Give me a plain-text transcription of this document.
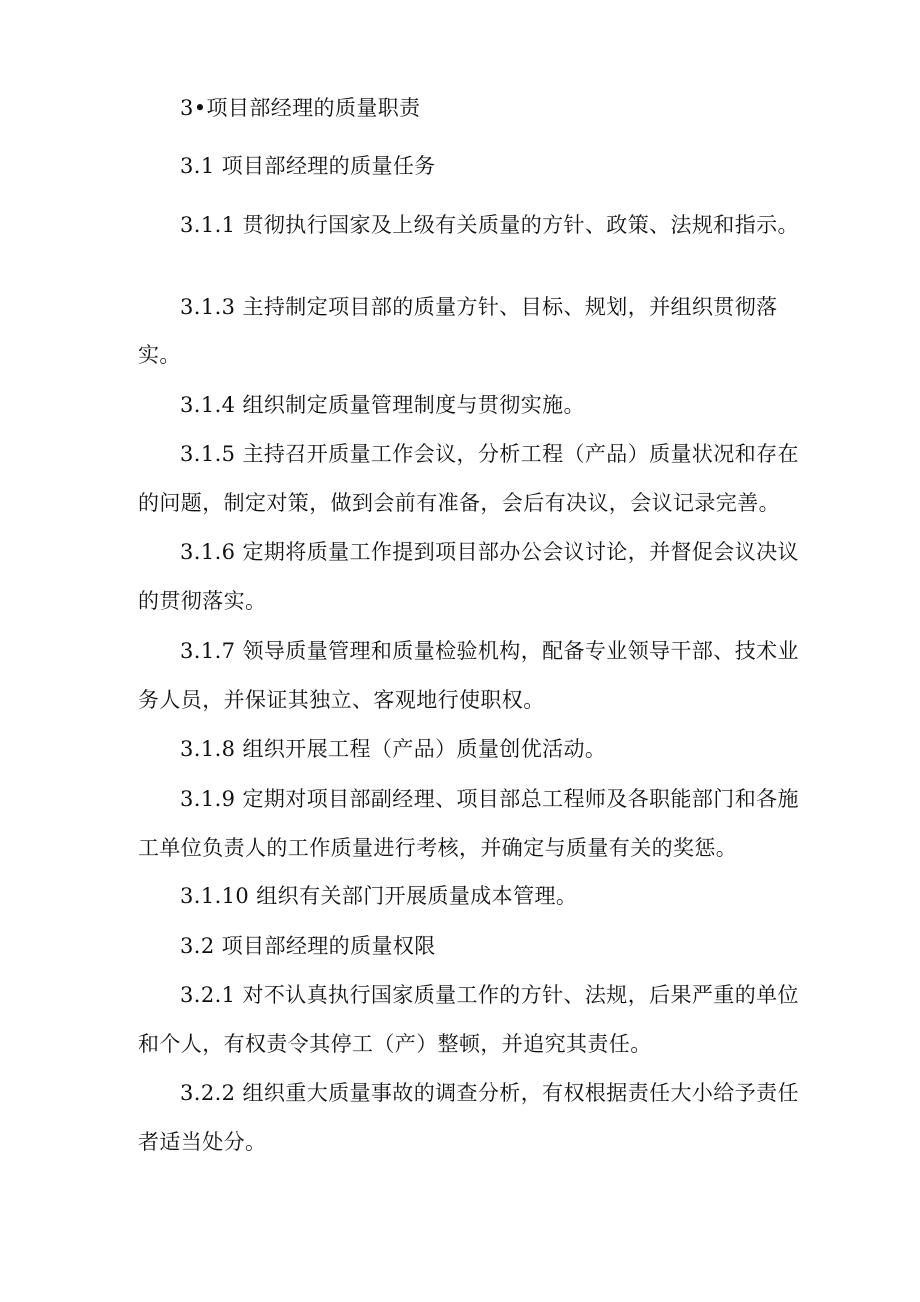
3•项目部经理的质量职责
3.1 项目部经理的质量任务
3.1.1 贯彻执行国家及上级有关质量的方针、政策、法规和指示。
3.1.3 主持制定项目部的质量方针、目标、规划，并组织贯彻落
实。
3.1.4 组织制定质量管理制度与贯彻实施。
3.1.5 主持召开质量工作会议，分析工程（产品）质量状况和存在
的问题，制定对策，做到会前有准备，会后有决议，会议记录完善。
3.1.6 定期将质量工作提到项目部办公会议讨论，并督促会议决议
的贯彻落实。
3.1.7 领导质量管理和质量检验机构，配备专业领导干部、技术业
务人员，并保证其独立、客观地行使职权。
3.1.8 组织开展工程（产品）质量创优活动。
3.1.9 定期对项目部副经理、项目部总工程师及各职能部门和各施
工单位负责人的工作质量进行考核，并确定与质量有关的奖惩。
3.1.10 组织有关部门开展质量成本管理。
3.2 项目部经理的质量权限
3.2.1 对不认真执行国家质量工作的方针、法规，后果严重的单位
和个人，有权责令其停工（产）整顿，并追究其责任。
3.2.2 组织重大质量事故的调查分析，有权根据责任大小给予责任
者适当处分。
